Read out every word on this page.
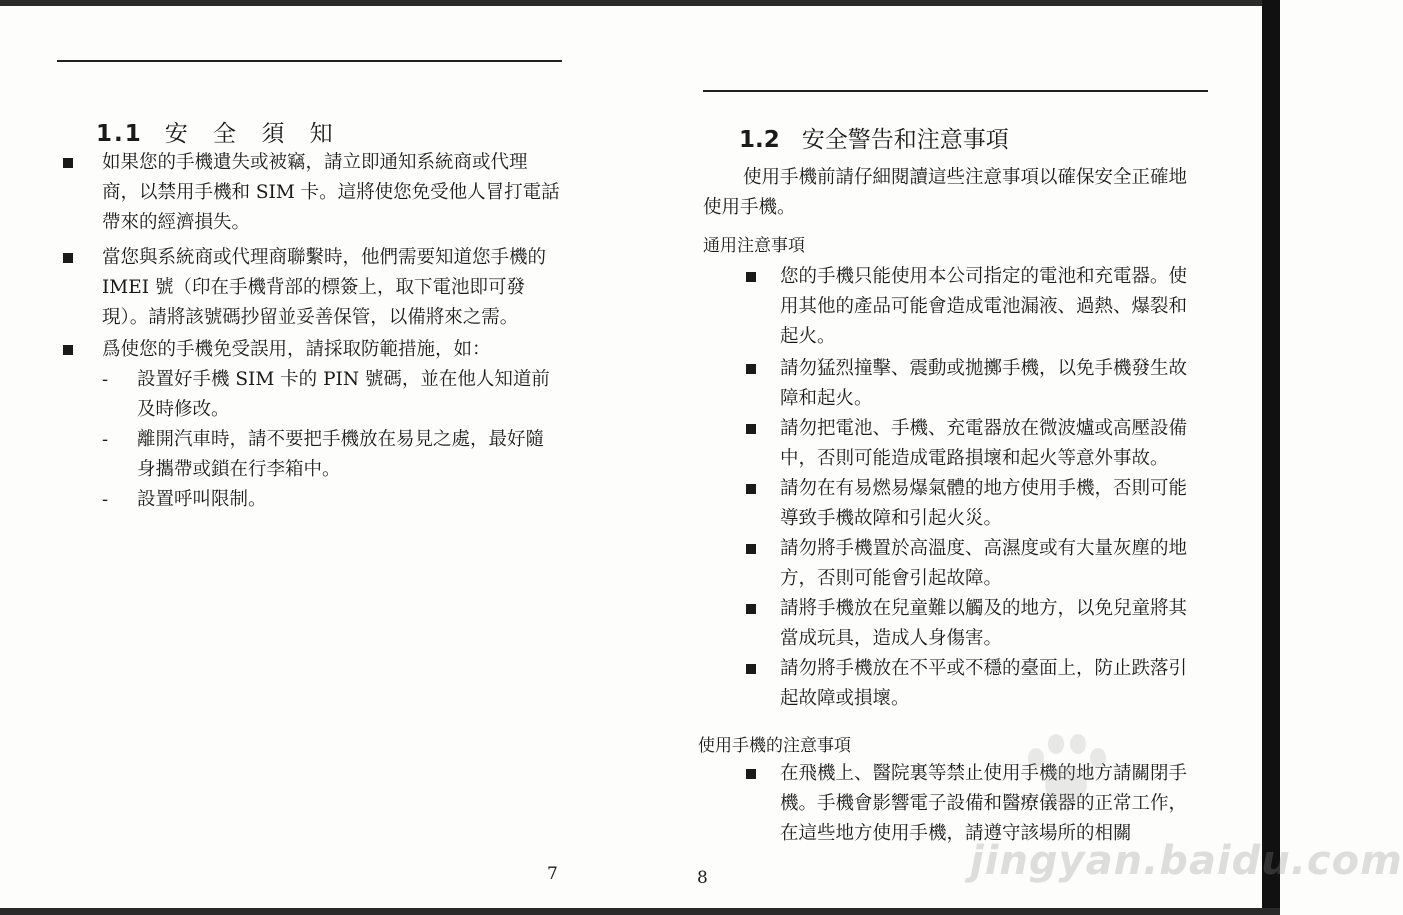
1.1 安 全 須 知
如果您的手機遺失或被竊，請立即通知系統商或代理商，以禁用手機和 SIM 卡。這將使您免受他人冒打電話帶來的經濟損失。
當您與系統商或代理商聯繫時，他們需要知道您手機的 IMEI 號（印在手機背部的標簽上，取下電池即可發現）。請將該號碼抄留並妥善保管，以備將來之需。
爲使您的手機免受誤用，請採取防範措施，如：
- 設置好手機 SIM 卡的 PIN 號碼，並在他人知道前及時修改。
- 離開汽車時，請不要把手機放在易見之處，最好隨身攜帶或鎖在行李箱中。
- 設置呼叫限制。
7
1.2 安全警告和注意事項
使用手機前請仔細閱讀這些注意事項以確保安全正確地使用手機。
通用注意事項
您的手機只能使用本公司指定的電池和充電器。使用其他的產品可能會造成電池漏液、過熱、爆裂和起火。
請勿猛烈撞擊、震動或拋擲手機，以免手機發生故障和起火。
請勿把電池、手機、充電器放在微波爐或高壓設備中，否則可能造成電路損壞和起火等意外事故。
請勿在有易燃易爆氣體的地方使用手機，否則可能導致手機故障和引起火災。
請勿將手機置於高溫度、高濕度或有大量灰塵的地方，否則可能會引起故障。
請將手機放在兒童難以觸及的地方，以免兒童將其當成玩具，造成人身傷害。
請勿將手機放在不平或不穩的臺面上，防止跌落引起故障或損壞。
使用手機的注意事項
在飛機上、醫院裏等禁止使用手機的地方請關閉手機。手機會影響電子設備和醫療儀器的正常工作，在這些地方使用手機，請遵守該場所的相關
8	jingyan.baidu.com
